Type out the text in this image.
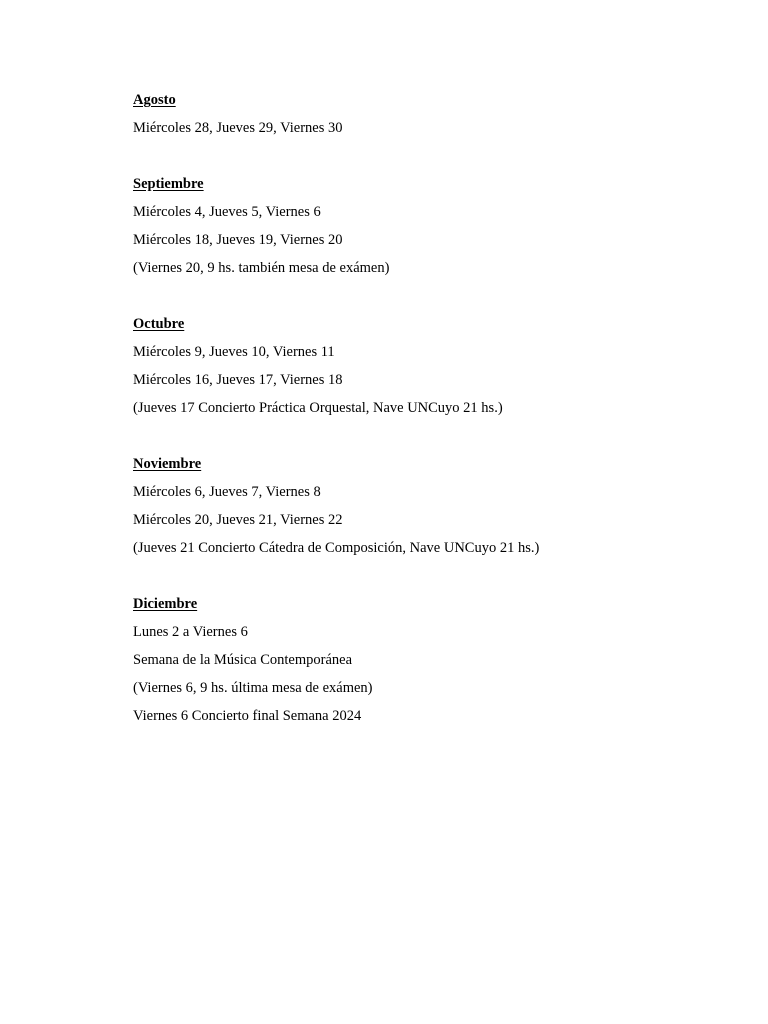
Agosto
Miércoles 28, Jueves 29, Viernes 30
Septiembre
Miércoles 4, Jueves 5, Viernes 6
Miércoles 18, Jueves 19, Viernes 20
(Viernes 20, 9 hs. también mesa de exámen)
Octubre
Miércoles 9, Jueves 10, Viernes 11
Miércoles 16, Jueves 17, Viernes 18
(Jueves 17 Concierto Práctica Orquestal, Nave UNCuyo 21 hs.)
Noviembre
Miércoles 6, Jueves 7, Viernes 8
Miércoles 20, Jueves 21, Viernes 22
(Jueves 21 Concierto Cátedra de Composición, Nave UNCuyo 21 hs.)
Diciembre
Lunes 2 a Viernes 6
Semana de la Música Contemporánea
(Viernes 6, 9 hs. última mesa de exámen)
Viernes 6 Concierto final Semana 2024
